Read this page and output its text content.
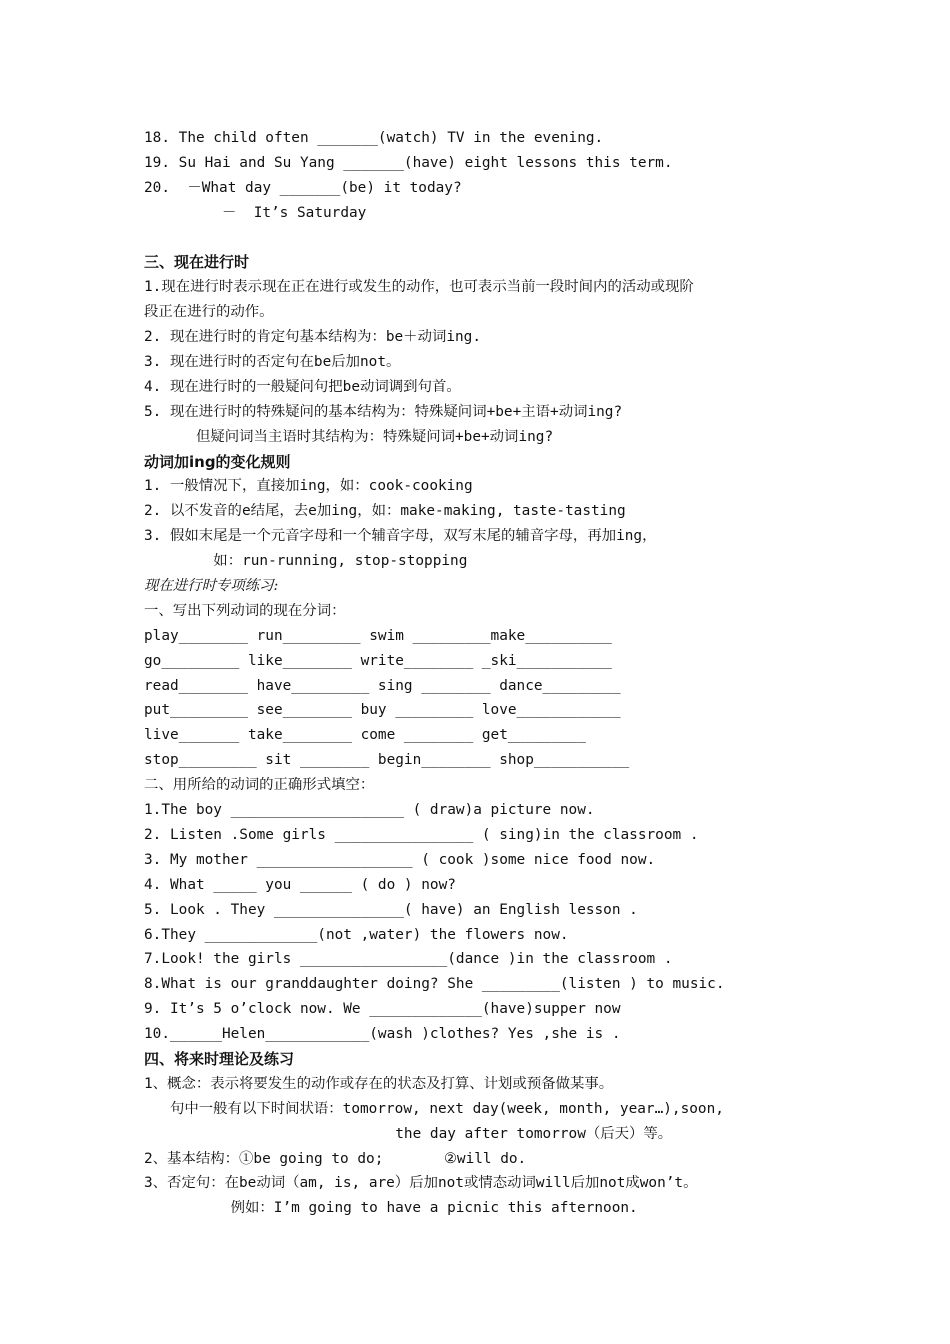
18. The child often _______(watch) TV in the evening.
19. Su Hai and Su Yang _______(have) eight lessons this term.
20.  －What day _______(be) it today?
－  It’s Saturday
三、现在进行时
1.现在进行时表示现在正在进行或发生的动作，也可表示当前一段时间内的活动或现阶
段正在进行的动作。
2. 现在进行时的肯定句基本结构为：be＋动词ing.
3. 现在进行时的否定句在be后加not。
4. 现在进行时的一般疑问句把be动词调到句首。
5. 现在进行时的特殊疑问的基本结构为：特殊疑问词+be+主语+动词ing?
但疑问词当主语时其结构为：特殊疑问词+be+动词ing?
动词加ing的变化规则
1. 一般情况下，直接加ing，如：cook-cooking
2. 以不发音的e结尾，去e加ing，如：make-making, taste-tasting
3. 假如末尾是一个元音字母和一个辅音字母，双写末尾的辅音字母，再加ing，
如：run-running, stop-stopping
现在进行时专项练习:
一、写出下列动词的现在分词：
play________ run_________ swim _________make__________
go_________ like________ write________ _ski___________
read________ have_________ sing ________ dance_________
put_________ see________ buy _________ love____________
live_______ take________ come ________ get_________
stop_________ sit ________ begin________ shop___________
二、用所给的动词的正确形式填空：
1.The boy ____________________ ( draw)a picture now.
2. Listen .Some girls ________________ ( sing)in the classroom .
3. My mother __________________ ( cook )some nice food now.
4. What _____ you ______ ( do ) now?
5. Look . They _______________( have) an English lesson .
6.They _____________(not ,water) the flowers now.
7.Look! the girls _________________(dance )in the classroom .
8.What is our granddaughter doing? She _________(listen ) to music.
9. It’s 5 o’clock now. We _____________(have)supper now
10.______Helen____________(wash )clothes? Yes ,she is .
四、将来时理论及练习
1、概念：表示将要发生的动作或存在的状态及打算、计划或预备做某事。
句中一般有以下时间状语：tomorrow, next day(week, month, year…),soon,
the day after tomorrow（后天）等。
2、基本结构：①be going to do;       ②will do.
3、否定句：在be动词（am, is, are）后加not或情态动词will后加not成won’t。
例如：I’m going to have a picnic this afternoon.
